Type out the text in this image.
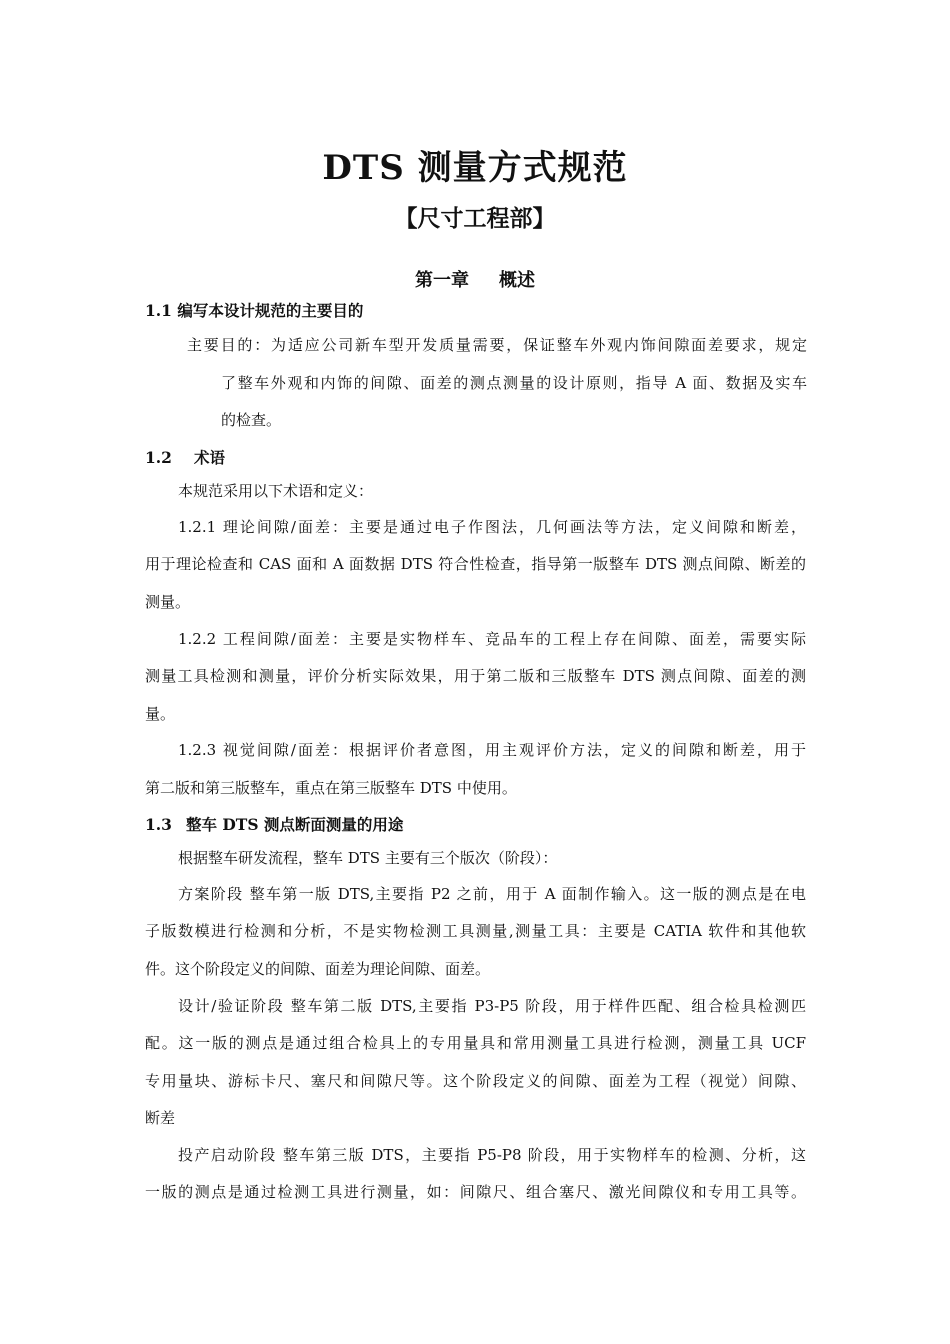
DTS 测量方式规范
【尺寸工程部】
第一章 概述
1.1 编写本设计规范的主要目的
主要目的：为适应公司新车型开发质量需要，保证整车外观内饰间隙面差要求，规定
了整车外观和内饰的间隙、面差的测点测量的设计原则，指导 A 面、数据及实车
的检查。
1.2 术语
本规范采用以下术语和定义：
1.2.1 理论间隙/面差：主要是通过电子作图法，几何画法等方法，定义间隙和断差，
用于理论检查和 CAS 面和 A 面数据 DTS 符合性检查，指导第一版整车 DTS 测点间隙、断差的
测量。
1.2.2 工程间隙/面差：主要是实物样车、竞品车的工程上存在间隙、面差，需要实际
测量工具检测和测量，评价分析实际效果，用于第二版和三版整车 DTS 测点间隙、面差的测
量。
1.2.3 视觉间隙/面差：根据评价者意图，用主观评价方法，定义的间隙和断差，用于
第二版和第三版整车，重点在第三版整车 DTS 中使用。
1.3 整车 DTS 测点断面测量的用途
根据整车研发流程，整车 DTS 主要有三个版次（阶段）：
方案阶段 整车第一版 DTS,主要指 P2 之前，用于 A 面制作输入。这一版的测点是在电
子版数模进行检测和分析，不是实物检测工具测量,测量工具：主要是 CATIA 软件和其他软
件。这个阶段定义的间隙、面差为理论间隙、面差。
设计/验证阶段 整车第二版 DTS,主要指 P3-P5 阶段，用于样件匹配、组合检具检测匹
配。这一版的测点是通过组合检具上的专用量具和常用测量工具进行检测，测量工具 UCF
专用量块、游标卡尺、塞尺和间隙尺等。这个阶段定义的间隙、面差为工程（视觉）间隙、
断差
投产启动阶段 整车第三版 DTS，主要指 P5-P8 阶段，用于实物样车的检测、分析，这
一版的测点是通过检测工具进行测量，如：间隙尺、组合塞尺、激光间隙仪和专用工具等。
